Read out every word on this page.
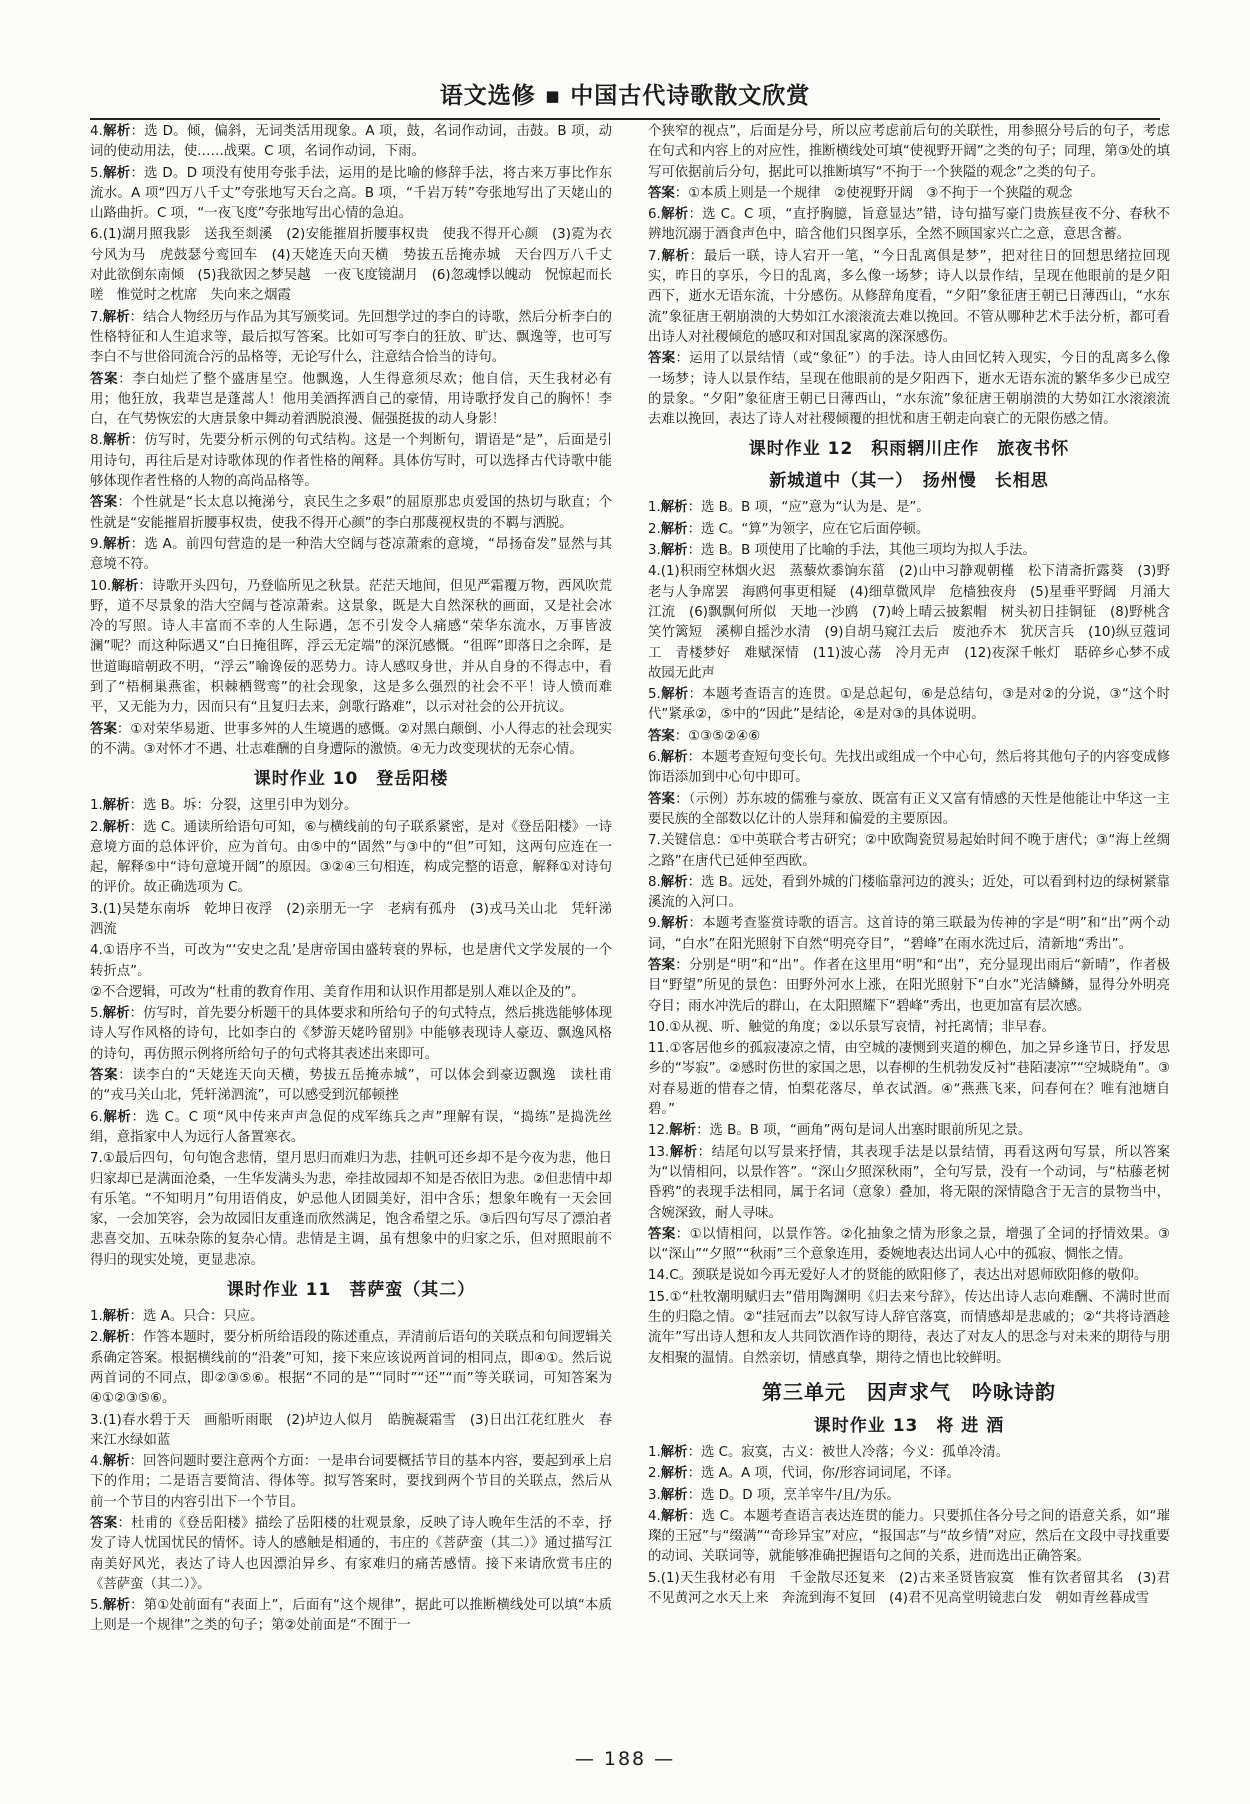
语文选修 ▪ 中国古代诗歌散文欣赏
4.解析：选 D。倾，偏斜，无词类活用现象。A 项，鼓，名词作动词，击鼓。B 项，动词的使动用法，使……战栗。C 项，名词作动词，下雨。
5.解析：选 D。D 项没有使用夸张手法，运用的是比喻的修辞手法，将古来万事比作东流水。A 项“四万八千丈”夸张地写天台之高。B 项，“千岩万转”夸张地写出了天姥山的山路曲折。C 项，“一夜飞度”夸张地写出心情的急迫。
6.(1)湖月照我影　送我至剡溪　(2)安能摧眉折腰事权贵　使我不得开心颜　(3)霓为衣兮风为马　虎鼓瑟兮鸾回车　(4)天姥连天向天横　势拔五岳掩赤城　天台四万八千丈　对此欲倒东南倾　(5)我欲因之梦吴越　一夜飞度镜湖月　(6)忽魂悸以魄动　怳惊起而长嗟　惟觉时之枕席　失向来之烟霞
7.解析：结合人物经历与作品为其写颁奖词。先回想学过的李白的诗歌，然后分析李白的性格特征和人生追求等，最后拟写答案。比如可写李白的狂放、旷达、飘逸等，也可写李白不与世俗同流合污的品格等，无论写什么，注意结合恰当的诗句。
答案：李白灿烂了整个盛唐星空。他飘逸，人生得意须尽欢；他自信，天生我材必有用；他狂放，我辈岂是蓬蒿人！他用美酒挥洒自己的豪情，用诗歌抒发自己的胸怀！李白，在气势恢宏的大唐景象中舞动着洒脱浪漫、倔强挺拔的动人身影！
8.解析：仿写时，先要分析示例的句式结构。这是一个判断句，谓语是“是”，后面是引用诗句，再往后是对诗歌体现的作者性格的阐释。具体仿写时，可以选择古代诗歌中能够体现作者性格的人物的高尚品格等。
答案：个性就是“长太息以掩涕兮，哀民生之多艰”的屈原那忠贞爱国的热切与耿直；个性就是“安能摧眉折腰事权贵，使我不得开心颜”的李白那蔑视权贵的不羁与洒脱。
9.解析：选 A。前四句营造的是一种浩大空阔与苍凉萧索的意境，“昂扬奋发”显然与其意境不符。
10.解析：诗歌开头四句，乃登临所见之秋景。茫茫天地间，但见严霜覆万物，西风吹荒野，道不尽景象的浩大空阔与苍凉萧索。这景象，既是大自然深秋的画面，又是社会冰冷的写照。诗人丰富而不幸的人生际遇，怎不引发令人痛感“荣华东流水，万事皆波澜”呢？而这种际遇又“白日掩徂晖，浮云无定端”的深沉感慨。“徂晖”即落日之余晖，是世道晦暗朝政不明，“浮云”喻谗佞的恶势力。诗人感叹身世，并从自身的不得志中，看到了“梧桐巢燕雀，枳棘栖鸳鸾”的社会现象，这是多么强烈的社会不平！诗人愤而难平，又无能为力，因而只有“且复归去来，剑歌行路难”，以示对社会的公开抗议。
答案：①对荣华易逝、世事多舛的人生境遇的感慨。②对黑白颠倒、小人得志的社会现实的不满。③对怀才不遇、壮志难酬的自身遭际的激愤。④无力改变现状的无奈心情。
课时作业 10　登岳阳楼
1.解析：选 B。坼：分裂，这里引申为划分。
2.解析：选 C。通读所给语句可知，⑥与横线前的句子联系紧密，是对《登岳阳楼》一诗意境方面的总体评价，应为首句。由⑤中的“固然”与③中的“但”可知，这两句应连在一起，解释⑤中“诗句意境开阔”的原因。③②④三句相连，构成完整的语意，解释①对诗句的评价。故正确选项为 C。
3.(1)吴楚东南坼　乾坤日夜浮　(2)亲朋无一字　老病有孤舟　(3)戎马关山北　凭轩涕泗流
4.①语序不当，可改为“‘安史之乱’是唐帝国由盛转衰的界标，也是唐代文学发展的一个转折点”。
②不合逻辑，可改为“杜甫的教育作用、美育作用和认识作用都是别人难以企及的”。
5.解析：仿写时，首先要分析题干的具体要求和所给句子的句式特点，然后挑选能够体现诗人写作风格的诗句，比如李白的《梦游天姥吟留别》中能够表现诗人豪迈、飘逸风格的诗句，再仿照示例将所给句子的句式将其表述出来即可。
答案：读李白的“天姥连天向天横，势拔五岳掩赤城”，可以体会到豪迈飘逸　读杜甫的“戎马关山北，凭轩涕泗流”，可以感受到沉郁顿挫
6.解析：选 C。C 项“风中传来声声急促的戍军练兵之声”理解有误，“捣练”是捣洗丝绢，意指家中人为远行人备置寒衣。
7.①最后四句，句句饱含悲情，望月思归而难归为悲，挂帆可还乡却不是今夜为悲，他日归家却已是满面沧桑，一生华发满头为悲，牵挂故园却不知是否依旧为悲。②但悲情中却有乐笔。“不知明月”句用语俏皮，妒忌他人团圆美好，泪中含乐；想象年晚有一天会回家，一会加笑容，会为故园旧友重逢而欣然满足，饱含希望之乐。③后四句写尽了漂泊者悲喜交加、五味杂陈的复杂心情。悲情是主调，虽有想象中的归家之乐，但对照眼前不得归的现实处境，更显悲凉。
课时作业 11　菩萨蛮（其二）
1.解析：选 A。只合：只应。
2.解析：作答本题时，要分析所给语段的陈述重点，弄清前后语句的关联点和句间逻辑关系确定答案。根据横线前的“沿袭”可知，接下来应该说两首词的相同点，即④①。然后说两首词的不同点，即②③⑤⑥。根据“不同的是”“同时”“还”“而”等关联词，可知答案为④①②③⑤⑥。
3.(1)春水碧于天　画船听雨眠　(2)垆边人似月　皓腕凝霜雪　(3)日出江花红胜火　春来江水绿如蓝
4.解析：回答问题时要注意两个方面：一是串台词要概括节目的基本内容，要起到承上启下的作用；二是语言要简洁、得体等。拟写答案时，要找到两个节目的关联点，然后从前一个节目的内容引出下一个节目。
答案：杜甫的《登岳阳楼》描绘了岳阳楼的壮观景象，反映了诗人晚年生活的不幸，抒发了诗人忧国忧民的情怀。诗人的感触是相通的，韦庄的《菩萨蛮（其二）》通过描写江南美好风光，表达了诗人也因漂泊异乡、有家难归的痛苦感情。接下来请欣赏韦庄的《菩萨蛮（其二）》。
5.解析：第①处前面有“表面上”，后面有“这个规律”，据此可以推断横线处可以填“本质上则是一个规律”之类的句子；第②处前面是“不囿于一
个狭窄的视点”，后面是分号，所以应考虑前后句的关联性，用参照分号后的句子，考虑在句式和内容上的对应性，推断横线处可填“使视野开阔”之类的句子；同理，第③处的填写可依据前后分句，据此可以推断填写“不拘于一个狭隘的观念”之类的句子。
答案：①本质上则是一个规律　②使视野开阔　③不拘于一个狭隘的观念
6.解析：选 C。C 项，“直抒胸臆，旨意显达”错，诗句描写豪门贵族昼夜不分、春秋不辨地沉溺于酒食声色中，暗含他们只图享乐，全然不顾国家兴亡之意，意思含蓄。
7.解析：最后一联，诗人宕开一笔，“今日乱离俱是梦”，把对往日的回想思绪拉回现实，昨日的享乐，今日的乱离，多么像一场梦；诗人以景作结，呈现在他眼前的是夕阳西下，逝水无语东流，十分感伤。从修辞角度看，“夕阳”象征唐王朝已日薄西山，“水东流”象征唐王朝崩溃的大势如江水滚滚流去难以挽回。不管从哪种艺术手法分析，都可看出诗人对社稷倾危的感叹和对国乱家离的深深感伤。
答案：运用了以景结情（或“象征”）的手法。诗人由回忆转入现实，今日的乱离多么像一场梦；诗人以景作结，呈现在他眼前的是夕阳西下，逝水无语东流的繁华多少已成空的景象。“夕阳”象征唐王朝已日薄西山，“水东流”象征唐王朝崩溃的大势如江水滚滚流去难以挽回，表达了诗人对社稷倾覆的担忧和唐王朝走向衰亡的无限伤感之情。
课时作业 12　积雨辋川庄作　旅夜书怀
新城道中（其一）　扬州慢　长相思
1.解析：选 B。B 项，“应”意为“认为是、是”。
2.解析：选 C。“算”为领字，应在它后面停顿。
3.解析：选 B。B 项使用了比喻的手法，其他三项均为拟人手法。
4.(1)积雨空林烟火迟　蒸藜炊黍饷东菑　(2)山中习静观朝槿　松下清斋折露葵　(3)野老与人争席罢　海鸥何事更相疑　(4)细草微风岸　危樯独夜舟　(5)星垂平野阔　月涌大江流　(6)飘飘何所似　天地一沙鸥　(7)岭上晴云披絮帽　树头初日挂铜钲　(8)野桃含笑竹篱短　溪柳自摇沙水清　(9)自胡马窥江去后　废池乔木　犹厌言兵　(10)纵豆蔻词工　青楼梦好　难赋深情　(11)波心荡　冷月无声　(12)夜深千帐灯　聒碎乡心梦不成　故园无此声
5.解析：本题考查语言的连贯。①是总起句，⑥是总结句，③是对②的分说，③“这个时代”紧承②，⑤中的“因此”是结论，④是对③的具体说明。
答案：①③⑤②④⑥
6.解析：本题考查短句变长句。先找出或组成一个中心句，然后将其他句子的内容变成修饰语添加到中心句中即可。
答案：（示例）苏东坡的儒雅与豪放、既富有正义又富有情感的天性是他能让中华这一主要民族的全部数以亿计的人崇拜和偏爱的主要原因。
7.关键信息：①中英联合考古研究；②中欧陶瓷贸易起始时间不晚于唐代；③“海上丝绸之路”在唐代已延伸至西欧。
8.解析：选 B。远处，看到外城的门楼临靠河边的渡头；近处，可以看到村边的绿树紧靠溪流的入河口。
9.解析：本题考查鉴赏诗歌的语言。这首诗的第三联最为传神的字是“明”和“出”两个动词，“白水”在阳光照射下自然“明亮夺目”，“碧峰”在雨水洗过后，清新地“秀出”。
答案：分别是“明”和“出”。作者在这里用“明”和“出”，充分显现出雨后“新晴”，作者极目“野望”所见的景色：田野外河水上涨，在阳光照射下“白水”光洁鳞鳞，显得分外明亮夺目；雨水冲洗后的群山，在太阳照耀下“碧峰”秀出，也更加富有层次感。
10.①从视、听、触觉的角度；②以乐景写哀情，衬托离情；非早春。
11.①客居他乡的孤寂凄凉之情，由空城的凄恻到夹道的柳色，加之异乡逢节日，抒发思乡的“岑寂”。②感时伤世的家国之思，以春柳的生机勃发反衬“巷陌凄凉”“空城晓角”。③对春易逝的惜春之情，怕梨花落尽，单衣试酒。④“燕燕飞来，问春何在？唯有池塘自碧。”
12.解析：选 B。B 项，“画角”两句是词人出塞时眼前所见之景。
13.解析：结尾句以写景来抒情，其表现手法是以景结情，再看这两句写景，所以答案为“以情相问，以景作答”。“深山夕照深秋雨”，全句写景，没有一个动词，与“枯藤老树昏鸦”的表现手法相同，属于名词（意象）叠加，将无限的深情隐含于无言的景物当中，含婉深致，耐人寻味。
答案：①以情相问，以景作答。②化抽象之情为形象之景，增强了全词的抒情效果。③以“深山”“夕照”“秋雨”三个意象连用，委婉地表达出词人心中的孤寂、惆怅之情。
14.C。颈联是说如今再无爱好人才的贤能的欧阳修了，表达出对恩师欧阳修的敬仰。
15.①“杜牧潮明赋归去”借用陶渊明《归去来兮辞》，传达出诗人志向难酬、不满时世而生的归隐之情。②“挂冠而去”以叙写诗人辞官落寞，而情感却是悲戚的；②“共将诗酒趁流年”写出诗人想和友人共同饮酒作诗的期待，表达了对友人的思念与对未来的期待与朋友相聚的温情。自然亲切，情感真挚，期待之情也比较鲜明。
第三单元　因声求气　吟咏诗韵
课时作业 13　将 进 酒
1.解析：选 C。寂寞，古义：被世人冷落；今义：孤单冷清。
2.解析：选 A。A 项，代词，你/形容词词尾，不译。
3.解析：选 D。D 项，烹羊宰牛/且/为乐。
4.解析：选 C。本题考查语言表达连贯的能力。只要抓住各分号之间的语意关系，如“璀璨的王冠”与“缀满”“奇珍异宝”对应，“报国志”与“故乡情”对应，然后在文段中寻找重要的动词、关联词等，就能够准确把握语句之间的关系，进而选出正确答案。
5.(1)天生我材必有用　千金散尽还复来　(2)古来圣贤皆寂寞　惟有饮者留其名　(3)君不见黄河之水天上来　奔流到海不复回　(4)君不见高堂明镜悲白发　朝如青丝暮成雪
— 188 —
